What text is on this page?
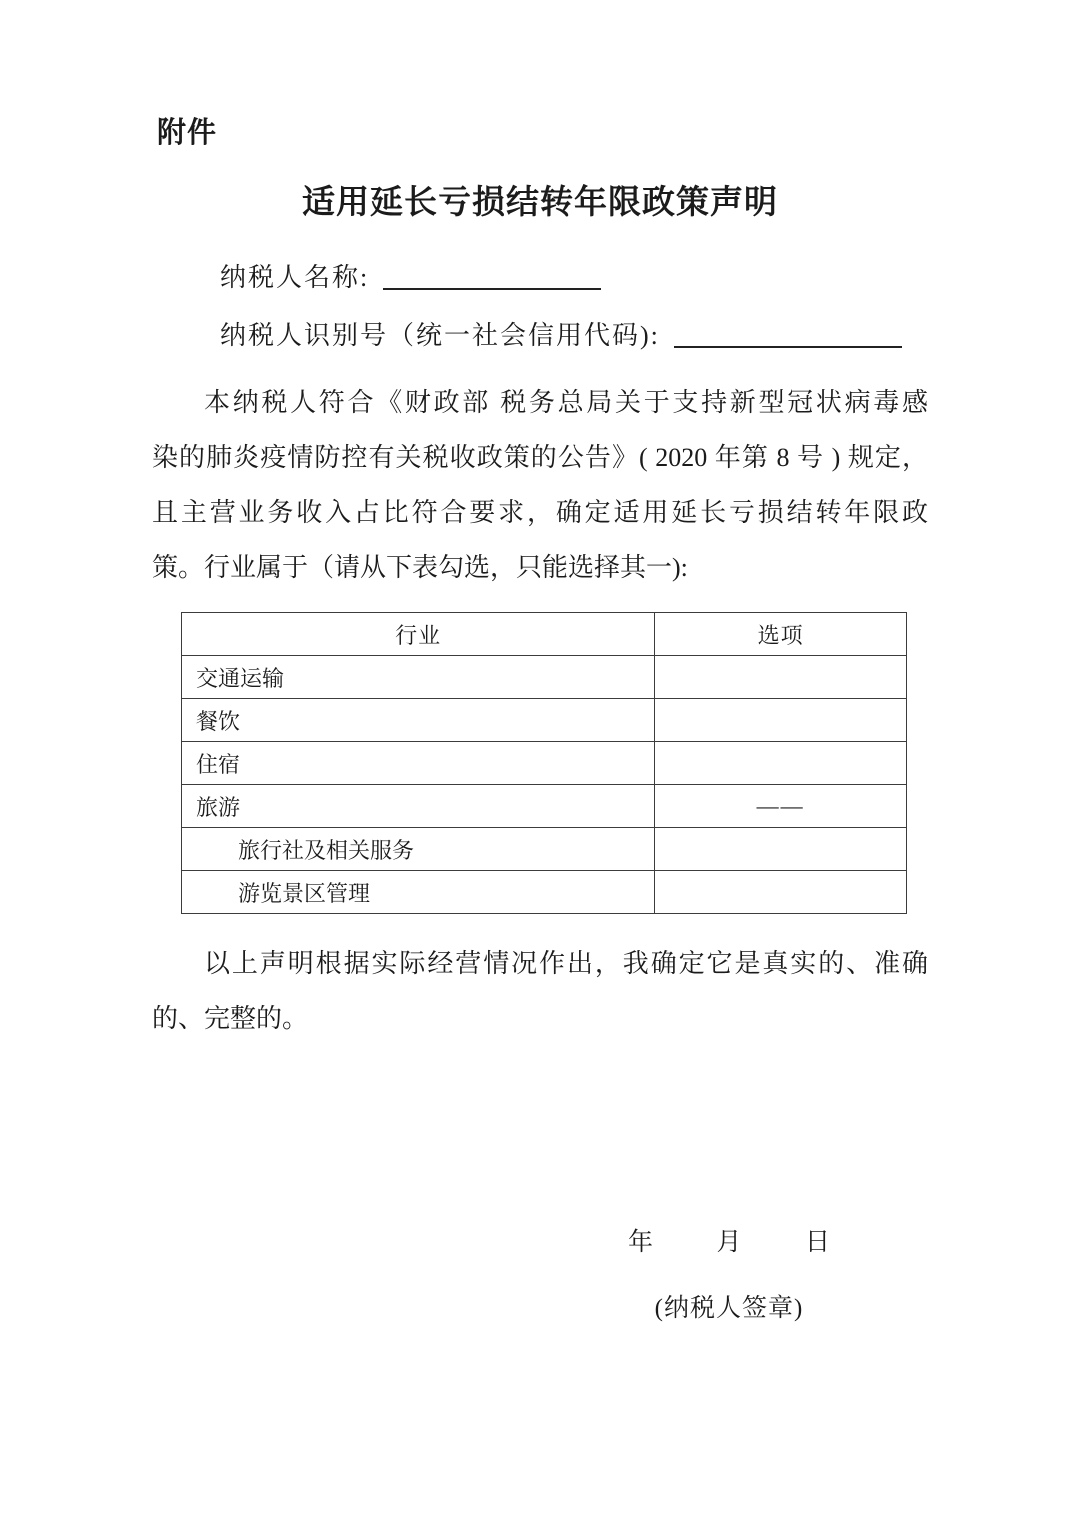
附件
适用延长亏损结转年限政策声明
纳税人名称:
纳税人识别号（统一社会信用代码):
本纳税人符合《财政部 税务总局关于支持新型冠状病毒感
染的肺炎疫情防控有关税收政策的公告》( 2020 年第 8 号 ) 规定，
且主营业务收入占比符合要求，确定适用延长亏损结转年限政
策。行业属于（请从下表勾选，只能选择其一):
行业	选项
交通运输	
餐饮	
住宿	
旅游	——
旅行社及相关服务	
游览景区管理	
以上声明根据实际经营情况作出，我确定它是真实的、准确
的、完整的。
年	月	日
(纳税人签章)
